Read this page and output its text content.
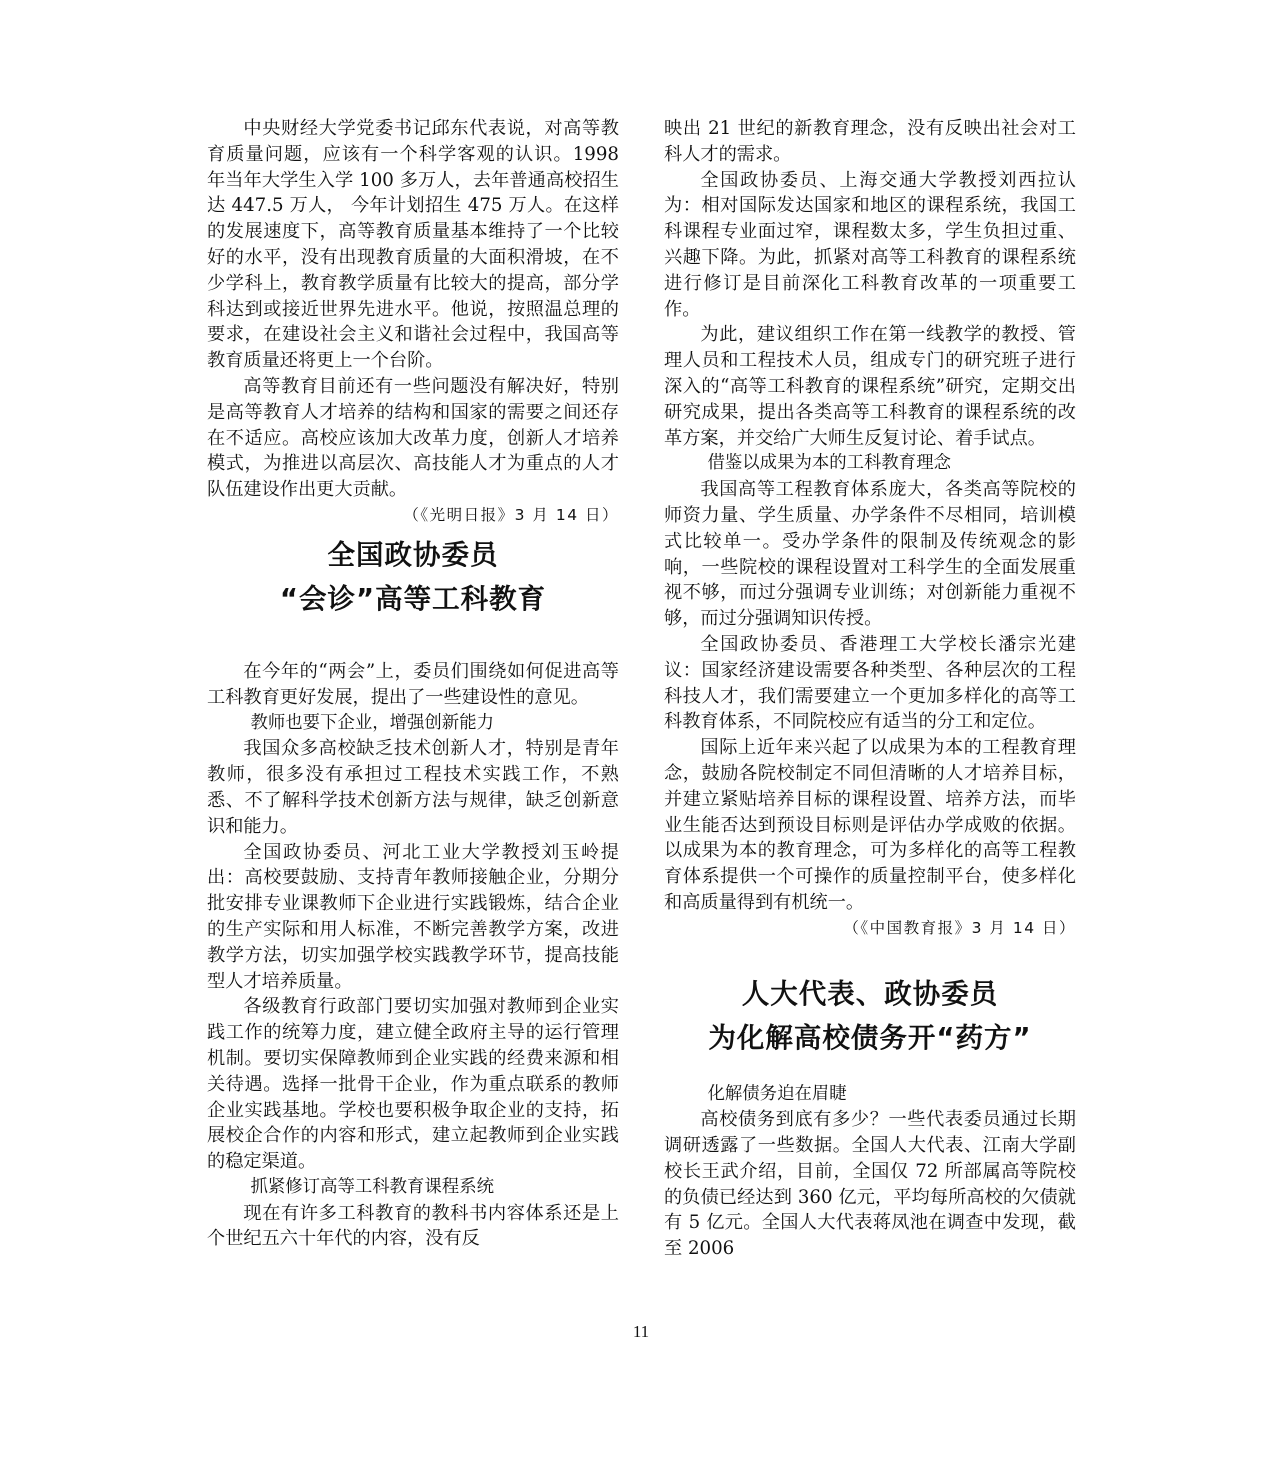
中央财经大学党委书记邱东代表说，对高等教育质量问题，应该有一个科学客观的认识。1998 年当年大学生入学 100 多万人，去年普通高校招生达 447.5 万人， 今年计划招生 475 万人。在这样的发展速度下，高等教育质量基本维持了一个比较好的水平，没有出现教育质量的大面积滑坡，在不少学科上，教育教学质量有比较大的提高，部分学科达到或接近世界先进水平。他说，按照温总理的要求，在建设社会主义和谐社会过程中，我国高等教育质量还将更上一个台阶。

高等教育目前还有一些问题没有解决好，特别是高等教育人才培养的结构和国家的需要之间还存在不适应。高校应该加大改革力度，创新人才培养模式，为推进以高层次、高技能人才为重点的人才队伍建设作出更大贡献。
（《光明日报》3 月 14 日）

全国政协委员
“会诊”高等工科教育

在今年的“两会”上，委员们围绕如何促进高等工科教育更好发展，提出了一些建设性的意见。

教师也要下企业，增强创新能力

我国众多高校缺乏技术创新人才，特别是青年教师，很多没有承担过工程技术实践工作，不熟悉、不了解科学技术创新方法与规律，缺乏创新意识和能力。

全国政协委员、河北工业大学教授刘玉岭提出：高校要鼓励、支持青年教师接触企业，分期分批安排专业课教师下企业进行实践锻炼，结合企业的生产实际和用人标准，不断完善教学方案，改进教学方法，切实加强学校实践教学环节，提高技能型人才培养质量。

各级教育行政部门要切实加强对教师到企业实践工作的统筹力度，建立健全政府主导的运行管理机制。要切实保障教师到企业实践的经费来源和相关待遇。选择一批骨干企业，作为重点联系的教师企业实践基地。学校也要积极争取企业的支持，拓展校企合作的内容和形式，建立起教师到企业实践的稳定渠道。

抓紧修订高等工科教育课程系统

现在有许多工科教育的教科书内容体系还是上个世纪五六十年代的内容，没有反

映出 21 世纪的新教育理念，没有反映出社会对工科人才的需求。

全国政协委员、上海交通大学教授刘西拉认为：相对国际发达国家和地区的课程系统，我国工科课程专业面过窄，课程数太多，学生负担过重、兴趣下降。为此，抓紧对高等工科教育的课程系统进行修订是目前深化工科教育改革的一项重要工作。

为此，建议组织工作在第一线教学的教授、管理人员和工程技术人员，组成专门的研究班子进行深入的“高等工科教育的课程系统”研究，定期交出研究成果，提出各类高等工科教育的课程系统的改革方案，并交给广大师生反复讨论、着手试点。

借鉴以成果为本的工科教育理念

我国高等工程教育体系庞大，各类高等院校的师资力量、学生质量、办学条件不尽相同，培训模式比较单一。受办学条件的限制及传统观念的影响，一些院校的课程设置对工科学生的全面发展重视不够，而过分强调专业训练；对创新能力重视不够，而过分强调知识传授。

全国政协委员、香港理工大学校长潘宗光建议：国家经济建设需要各种类型、各种层次的工程科技人才，我们需要建立一个更加多样化的高等工科教育体系，不同院校应有适当的分工和定位。

国际上近年来兴起了以成果为本的工程教育理念，鼓励各院校制定不同但清晰的人才培养目标，并建立紧贴培养目标的课程设置、培养方法，而毕业生能否达到预设目标则是评估办学成败的依据。以成果为本的教育理念，可为多样化的高等工程教育体系提供一个可操作的质量控制平台，使多样化和高质量得到有机统一。

（《中国教育报》3 月 14 日）
人大代表、政协委员
为化解高校债务开“药方”
化解债务迫在眉睫

高校债务到底有多少？一些代表委员通过长期调研透露了一些数据。全国人大代表、江南大学副校长王武介绍，目前，全国仅 72 所部属高等院校的负债已经达到 360 亿元，平均每所高校的欠债就有 5 亿元。全国人大代表蒋凤池在调查中发现，截至 2006

11
